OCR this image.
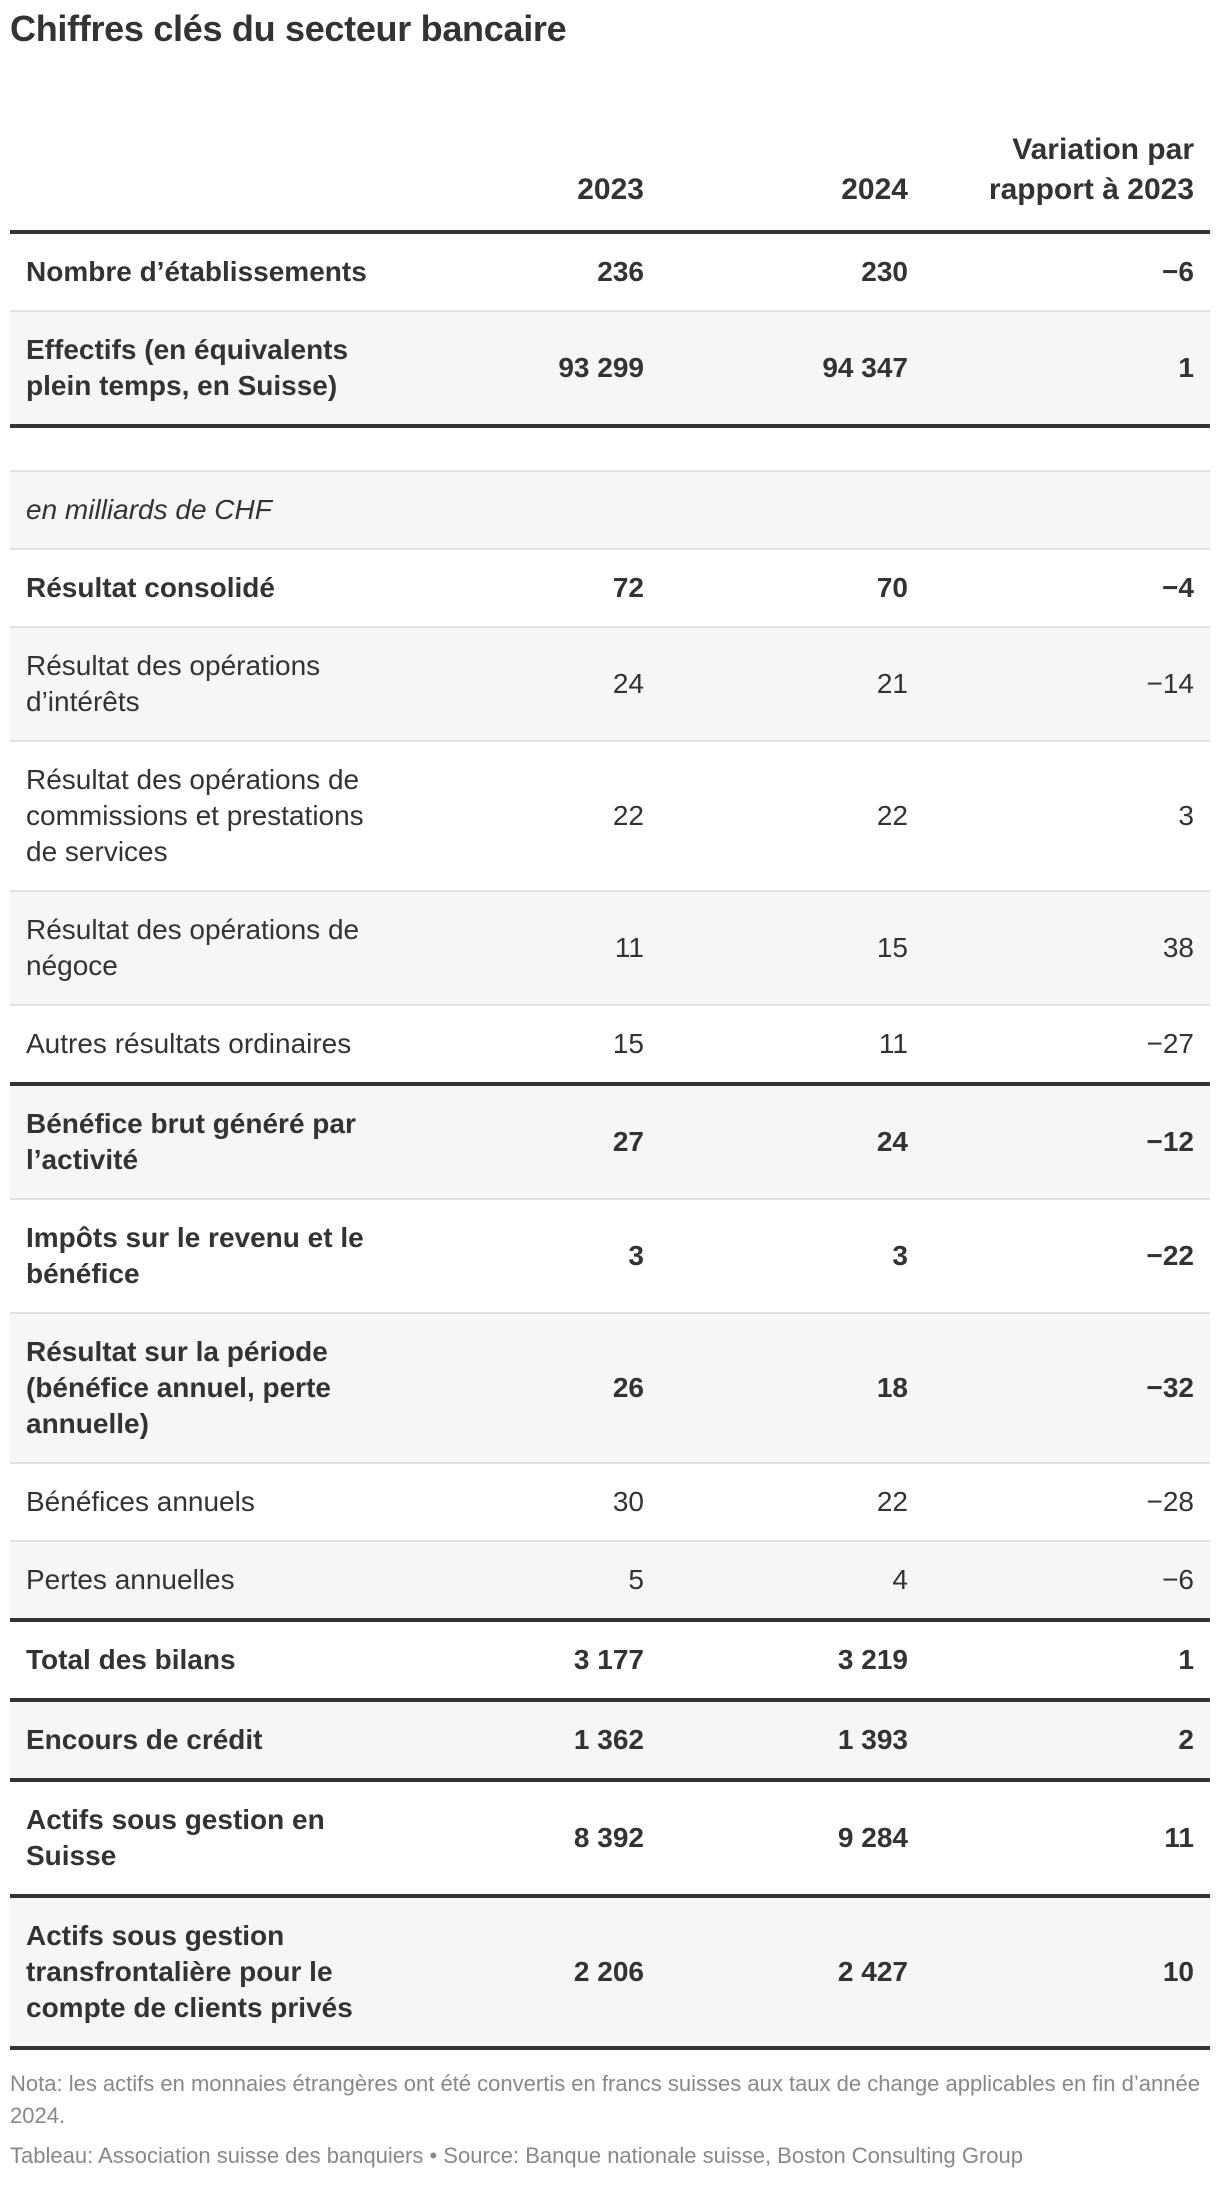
Chiffres clés du secteur bancaire
	2023	2024	Variation par rapport à 2023
Nombre d’établissements	236	230	−6
Effectifs (en équivalents plein temps, en Suisse)	93 299	94 347	1

en milliards de CHF			
Résultat consolidé	72	70	−4
Résultat des opérations d’intérêts	24	21	−14
Résultat des opérations de commissions et prestations de services	22	22	3
Résultat des opérations de négoce	11	15	38
Autres résultats ordinaires	15	11	−27
Bénéfice brut généré par l’activité	27	24	−12
Impôts sur le revenu et le bénéfice	3	3	−22
Résultat sur la période (bénéfice annuel, perte annuelle)	26	18	−32
Bénéfices annuels	30	22	−28
Pertes annuelles	5	4	−6
Total des bilans	3 177	3 219	1
Encours de crédit	1 362	1 393	2
Actifs sous gestion en Suisse	8 392	9 284	11
Actifs sous gestion transfrontalière pour le compte de clients privés	2 206	2 427	10

Nota: les actifs en monnaies étrangères ont été convertis en francs suisses aux taux de change applicables en fin d’année 2024.

Tableau: Association suisse des banquiers • Source: Banque nationale suisse, Boston Consulting Group
